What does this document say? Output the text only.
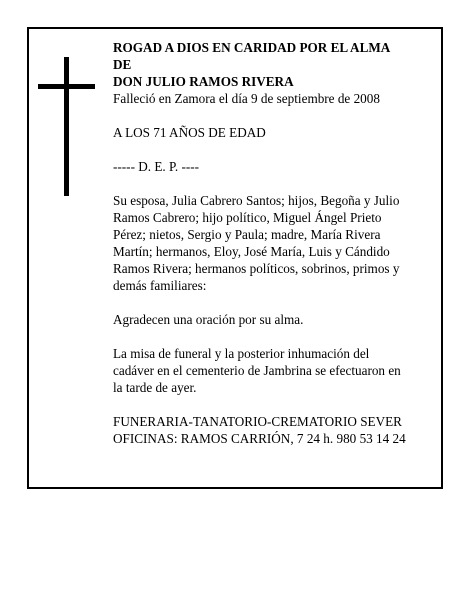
ROGAD A DIOS EN CARIDAD POR EL ALMA

DE

DON JULIO RAMOS RIVERA

Falleció en Zamora el día 9 de septiembre de 2008

A LOS 71 AÑOS DE EDAD

----- D. E. P. ----

Su esposa, Julia Cabrero Santos; hijos, Begoña y Julio

Ramos Cabrero; hijo político, Miguel Ángel Prieto

Pérez; nietos, Sergio y Paula; madre, María Rivera

Martín; hermanos, Eloy, José María, Luis y Cándido

Ramos Rivera; hermanos políticos, sobrinos, primos y

demás familiares:

Agradecen una oración por su alma.

La misa de funeral y la posterior inhumación del

cadáver en el cementerio de Jambrina se efectuaron en

la tarde de ayer.

FUNERARIA-TANATORIO-CREMATORIO SEVER

OFICINAS: RAMOS CARRIÓN, 7 24 h. 980 53 14 24
